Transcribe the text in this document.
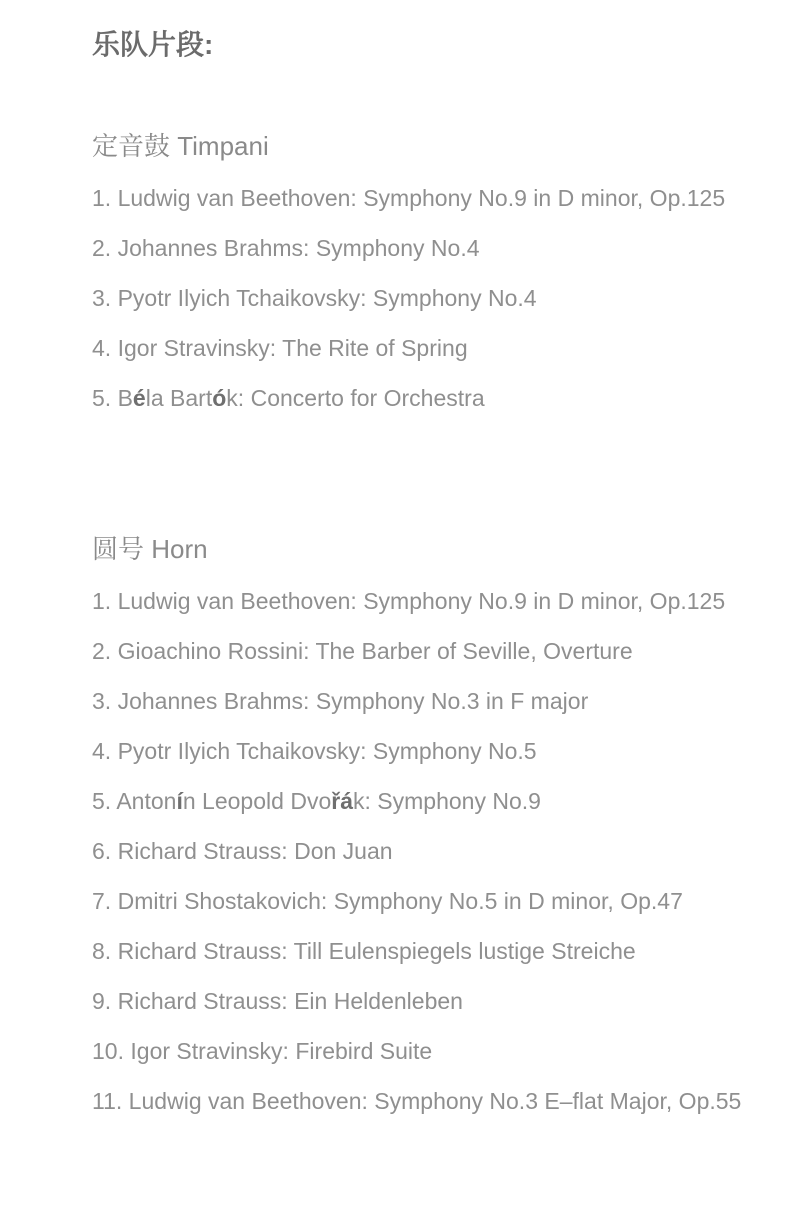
乐队片段:
定音鼓 Timpani
1. Ludwig van Beethoven: Symphony No.9 in D minor, Op.125
2. Johannes Brahms: Symphony No.4
3. Pyotr Ilyich Tchaikovsky: Symphony No.4
4. Igor Stravinsky: The Rite of Spring
5. Béla Bartók: Concerto for Orchestra
圆号 Horn
1. Ludwig van Beethoven: Symphony No.9 in D minor, Op.125
2. Gioachino Rossini: The Barber of Seville, Overture
3. Johannes Brahms: Symphony No.3 in F major
4. Pyotr Ilyich Tchaikovsky: Symphony No.5
5. Antonín Leopold Dvořák: Symphony No.9
6. Richard Strauss: Don Juan
7. Dmitri Shostakovich: Symphony No.5 in D minor, Op.47
8. Richard Strauss: Till Eulenspiegels lustige Streiche
9. Richard Strauss: Ein Heldenleben
10. Igor Stravinsky: Firebird Suite
11. Ludwig van Beethoven: Symphony No.3 E–flat Major, Op.55
